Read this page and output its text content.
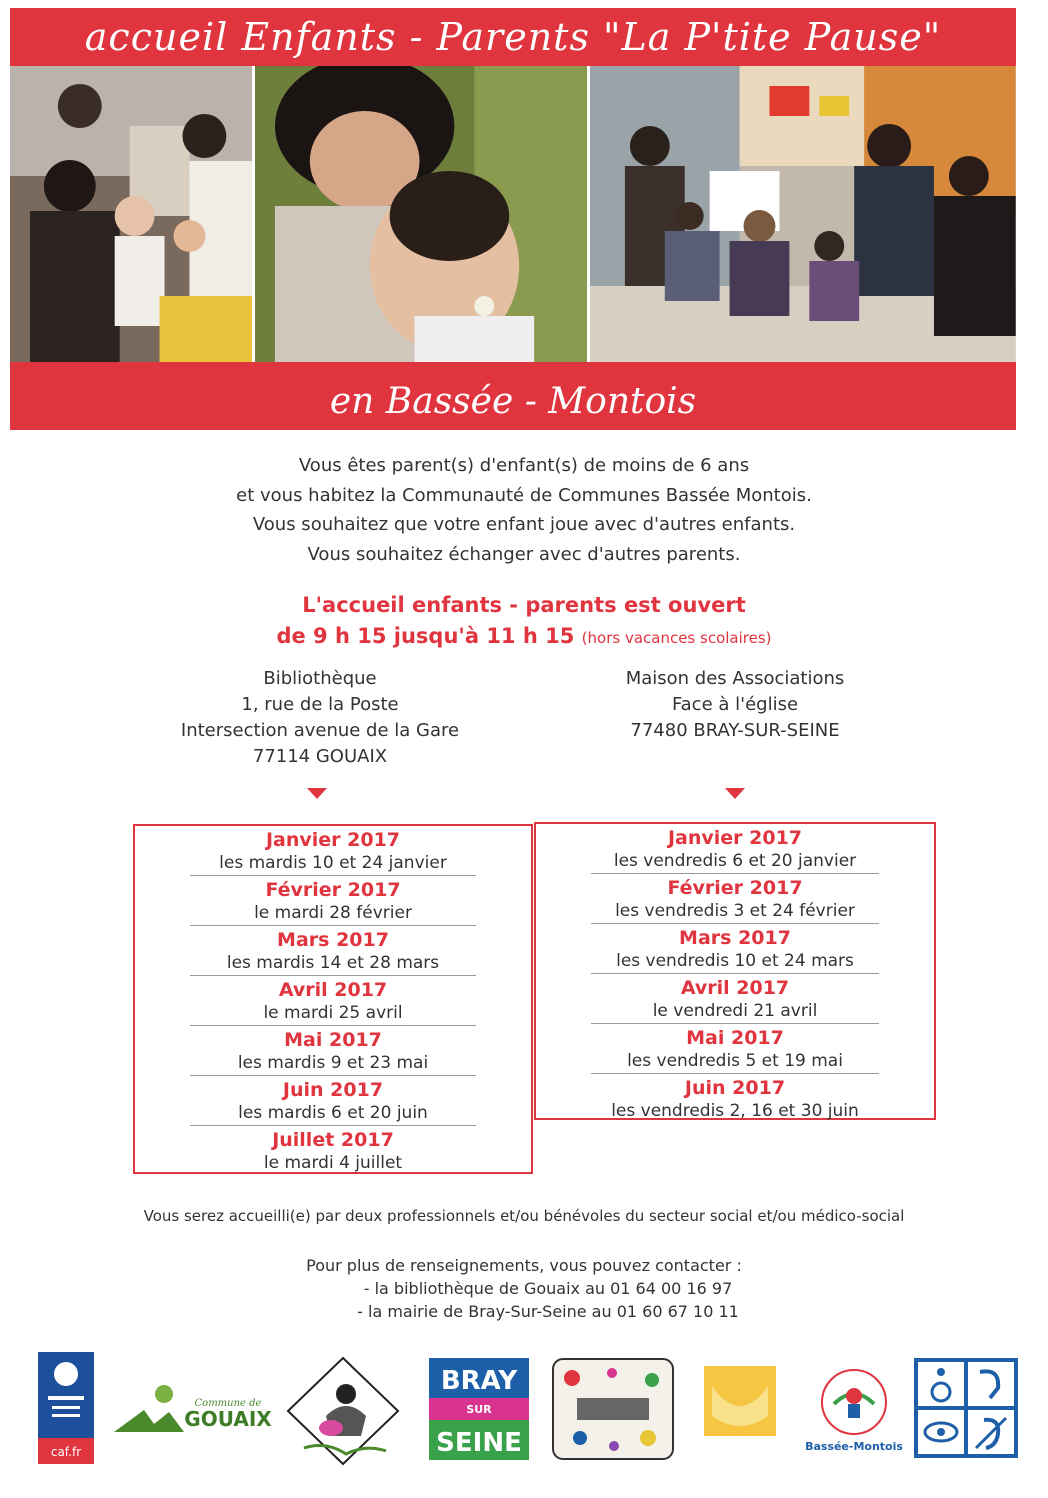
accueil Enfants - Parents "La P'tite Pause"
en Bassée - Montois
Vous êtes parent(s) d'enfant(s) de moins de 6 ans
et vous habitez la Communauté de Communes Bassée Montois.
Vous souhaitez que votre enfant joue avec d'autres enfants.
Vous souhaitez échanger avec d'autres parents.
L'accueil enfants - parents est ouvert
de 9 h 15 jusqu'à 11 h 15 (hors vacances scolaires)
Bibliothèque
1, rue de la Poste
Intersection avenue de la Gare
77114 GOUAIX
Maison des Associations
Face à l'église
77480 BRAY-SUR-SEINE
Janvier 2017
les mardis 10 et 24 janvier
Février 2017
le mardi 28 février
Mars 2017
les mardis 14 et 28 mars
Avril 2017
le mardi 25 avril
Mai 2017
les mardis 9 et 23 mai
Juin 2017
les mardis 6 et 20 juin
Juillet 2017
le mardi 4 juillet
Janvier 2017
les vendredis 6 et 20 janvier
Février 2017
les vendredis 3 et 24 février
Mars 2017
les vendredis 10 et 24 mars
Avril 2017
le vendredi 21 avril
Mai 2017
les vendredis 5 et 19 mai
Juin 2017
les vendredis 2, 16 et 30 juin
Vous serez accueilli(e) par deux professionnels et/ou bénévoles du secteur social et/ou médico-social
Pour plus de renseignements, vous pouvez contacter :
- la bibliothèque de Gouaix au 01 64 00 16 97
- la mairie de Bray-Sur-Seine au 01 60 67 10 11
caf.fr
Commune de
GOUAIX
BRAY
SUR
SEINE	Bassée-Montois
